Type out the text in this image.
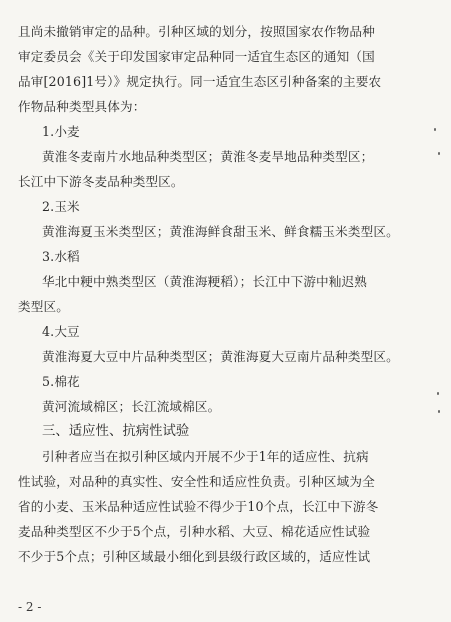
且尚未撤销审定的品种。引种区域的划分，按照国家农作物品种
审定委员会《关于印发国家审定品种同一适宜生态区的通知（国
品审[2016]1号）》规定执行。同一适宜生态区引种备案的主要农
作物品种类型具体为：
1.小麦
黄淮冬麦南片水地品种类型区；黄淮冬麦旱地品种类型区；
长江中下游冬麦品种类型区。
2.玉米
黄淮海夏玉米类型区；黄淮海鲜食甜玉米、鲜食糯玉米类型区。
3.水稻
华北中粳中熟类型区（黄淮海粳稻）；长江中下游中籼迟熟
类型区。
4.大豆
黄淮海夏大豆中片品种类型区；黄淮海夏大豆南片品种类型区。
5.棉花
黄河流域棉区；长江流域棉区。
三、适应性、抗病性试验
引种者应当在拟引种区域内开展不少于1年的适应性、抗病
性试验，对品种的真实性、安全性和适应性负责。引种区域为全
省的小麦、玉米品种适应性试验不得少于10个点，长江中下游冬
麦品种类型区不少于5个点，引种水稻、大豆、棉花适应性试验
不少于5个点；引种区域最小细化到县级行政区域的，适应性试
- 2 -
